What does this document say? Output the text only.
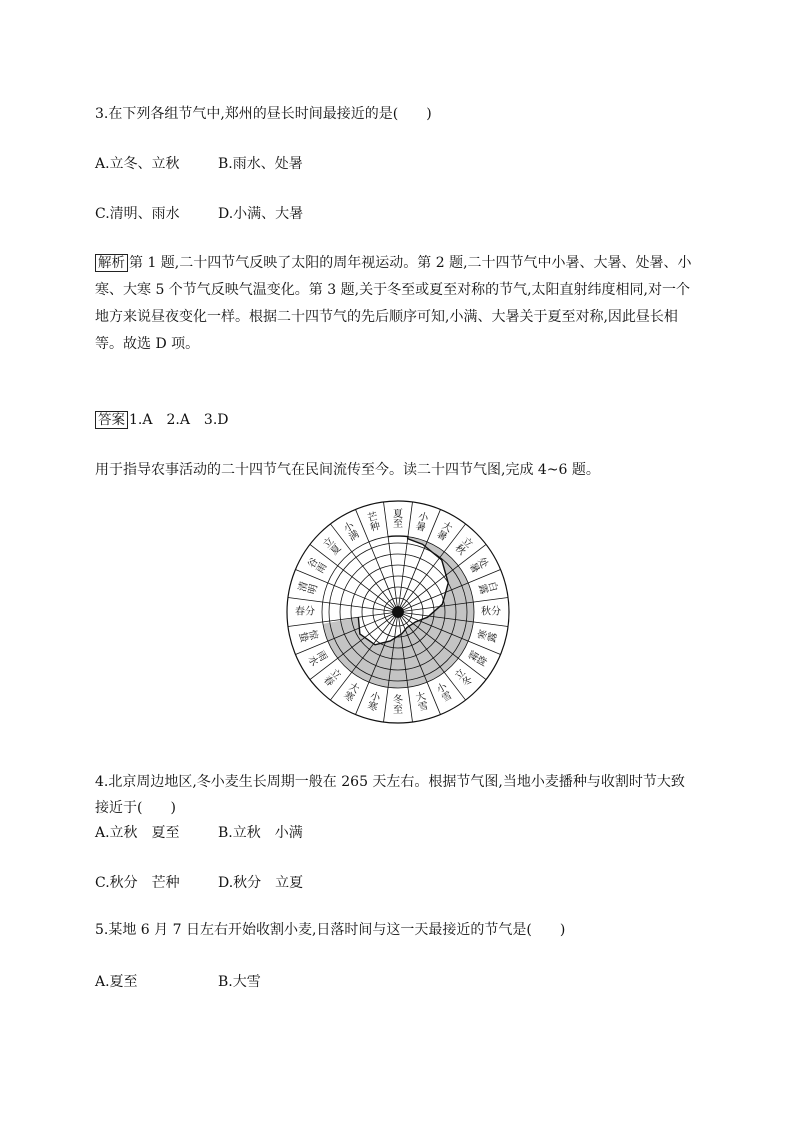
3.在下列各组节气中,郑州的昼长时间最接近的是(　　)
A.立冬、立秋	B.雨水、处暑
C.清明、雨水	D.小满、大暑
解析 第 1 题,二十四节气反映了太阳的周年视运动。第 2 题,二十四节气中小暑、大暑、处暑、小
寒、大寒 5 个节气反映气温变化。第 3 题,关于冬至或夏至对称的节气,太阳直射纬度相同,对一个
地方来说昼夜变化一样。根据二十四节气的先后顺序可知,小满、大暑关于夏至对称,因此昼长相
等。故选 D 项。
答案 1.A　2.A　3.D
用于指导农事活动的二十四节气在民间流传至今。读二十四节气图,完成 4~6 题。
夏至
小暑	大暑	立秋
处暑
白露
秋分
寒露
霜降
立冬
小雪
大雪
冬至
小寒
大寒
立春
雨水
惊蛰
春分
清明
谷雨
立夏
小满
芒种
4.北京周边地区,冬小麦生长周期一般在 265 天左右。根据节气图,当地小麦播种与收割时节大致
接近于(　　)
A.立秋　夏至	B.立秋　小满
C.秋分　芒种	D.秋分　立夏
5.某地 6 月 7 日左右开始收割小麦,日落时间与这一天最接近的节气是(　　)
A.夏至	B.大雪
